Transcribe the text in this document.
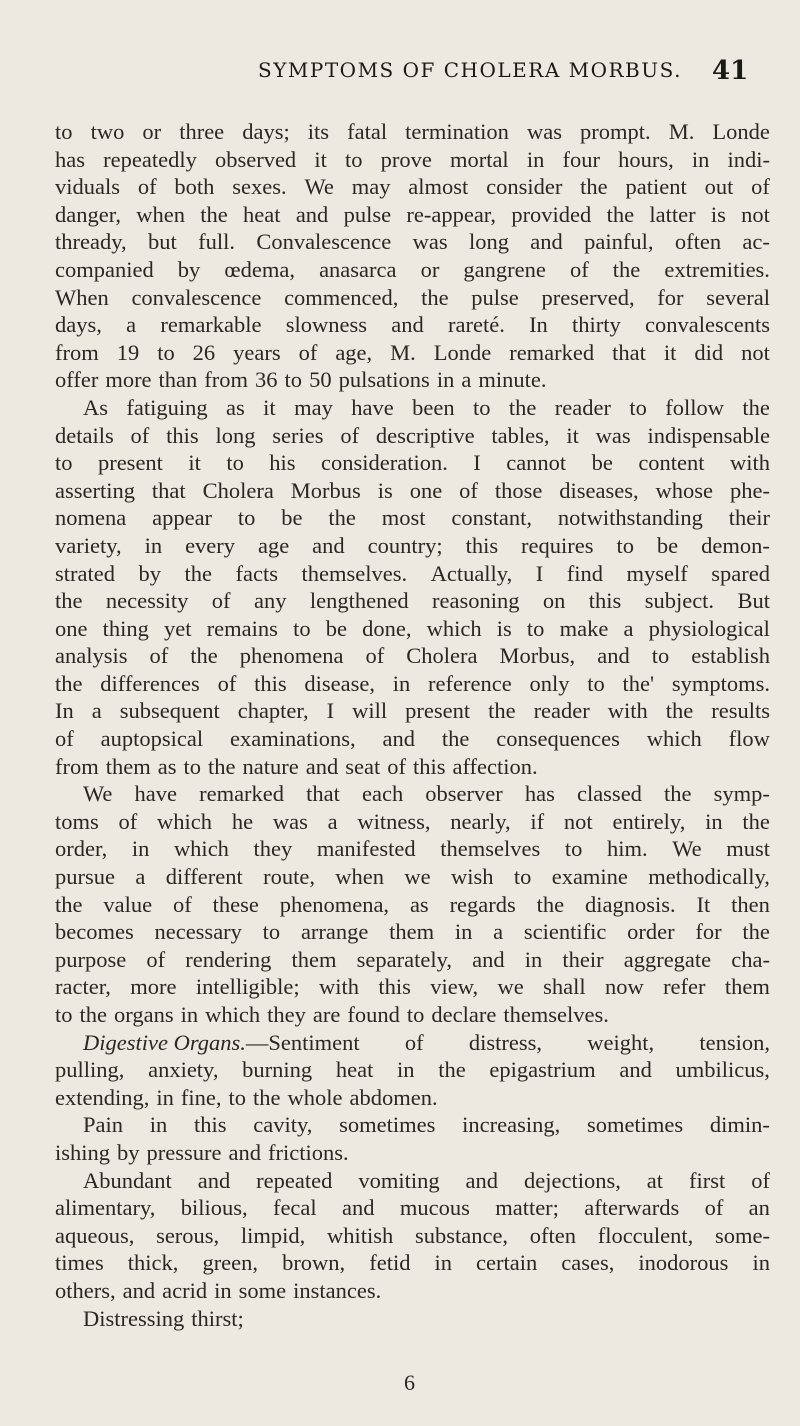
SYMPTOMS OF CHOLERA MORBUS. 41
to two or three days; its fatal termination was prompt. M. Londe
has repeatedly observed it to prove mortal in four hours, in indi-
viduals of both sexes. We may almost consider the patient out of
danger, when the heat and pulse re-appear, provided the latter is not
thready, but full. Convalescence was long and painful, often ac-
companied by œdema, anasarca or gangrene of the extremities.
When convalescence commenced, the pulse preserved, for several
days, a remarkable slowness and rareté. In thirty convalescents
from 19 to 26 years of age, M. Londe remarked that it did not
offer more than from 36 to 50 pulsations in a minute.
As fatiguing as it may have been to the reader to follow the
details of this long series of descriptive tables, it was indispensable
to present it to his consideration. I cannot be content with
asserting that Cholera Morbus is one of those diseases, whose phe-
nomena appear to be the most constant, notwithstanding their
variety, in every age and country; this requires to be demon-
strated by the facts themselves. Actually, I find myself spared
the necessity of any lengthened reasoning on this subject. But
one thing yet remains to be done, which is to make a physiological
analysis of the phenomena of Cholera Morbus, and to establish
the differences of this disease, in reference only to the' symptoms.
In a subsequent chapter, I will present the reader with the results
of auptopsical examinations, and the consequences which flow
from them as to the nature and seat of this affection.
We have remarked that each observer has classed the symp-
toms of which he was a witness, nearly, if not entirely, in the
order, in which they manifested themselves to him. We must
pursue a different route, when we wish to examine methodically,
the value of these phenomena, as regards the diagnosis. It then
becomes necessary to arrange them in a scientific order for the
purpose of rendering them separately, and in their aggregate cha-
racter, more intelligible; with this view, we shall now refer them
to the organs in which they are found to declare themselves.
Digestive Organs.—Sentiment of distress, weight, tension,
pulling, anxiety, burning heat in the epigastrium and umbilicus,
extending, in fine, to the whole abdomen.
Pain in this cavity, sometimes increasing, sometimes dimin-
ishing by pressure and frictions.
Abundant and repeated vomiting and dejections, at first of
alimentary, bilious, fecal and mucous matter; afterwards of an
aqueous, serous, limpid, whitish substance, often flocculent, some-
times thick, green, brown, fetid in certain cases, inodorous in
others, and acrid in some instances.
Distressing thirst;
6
